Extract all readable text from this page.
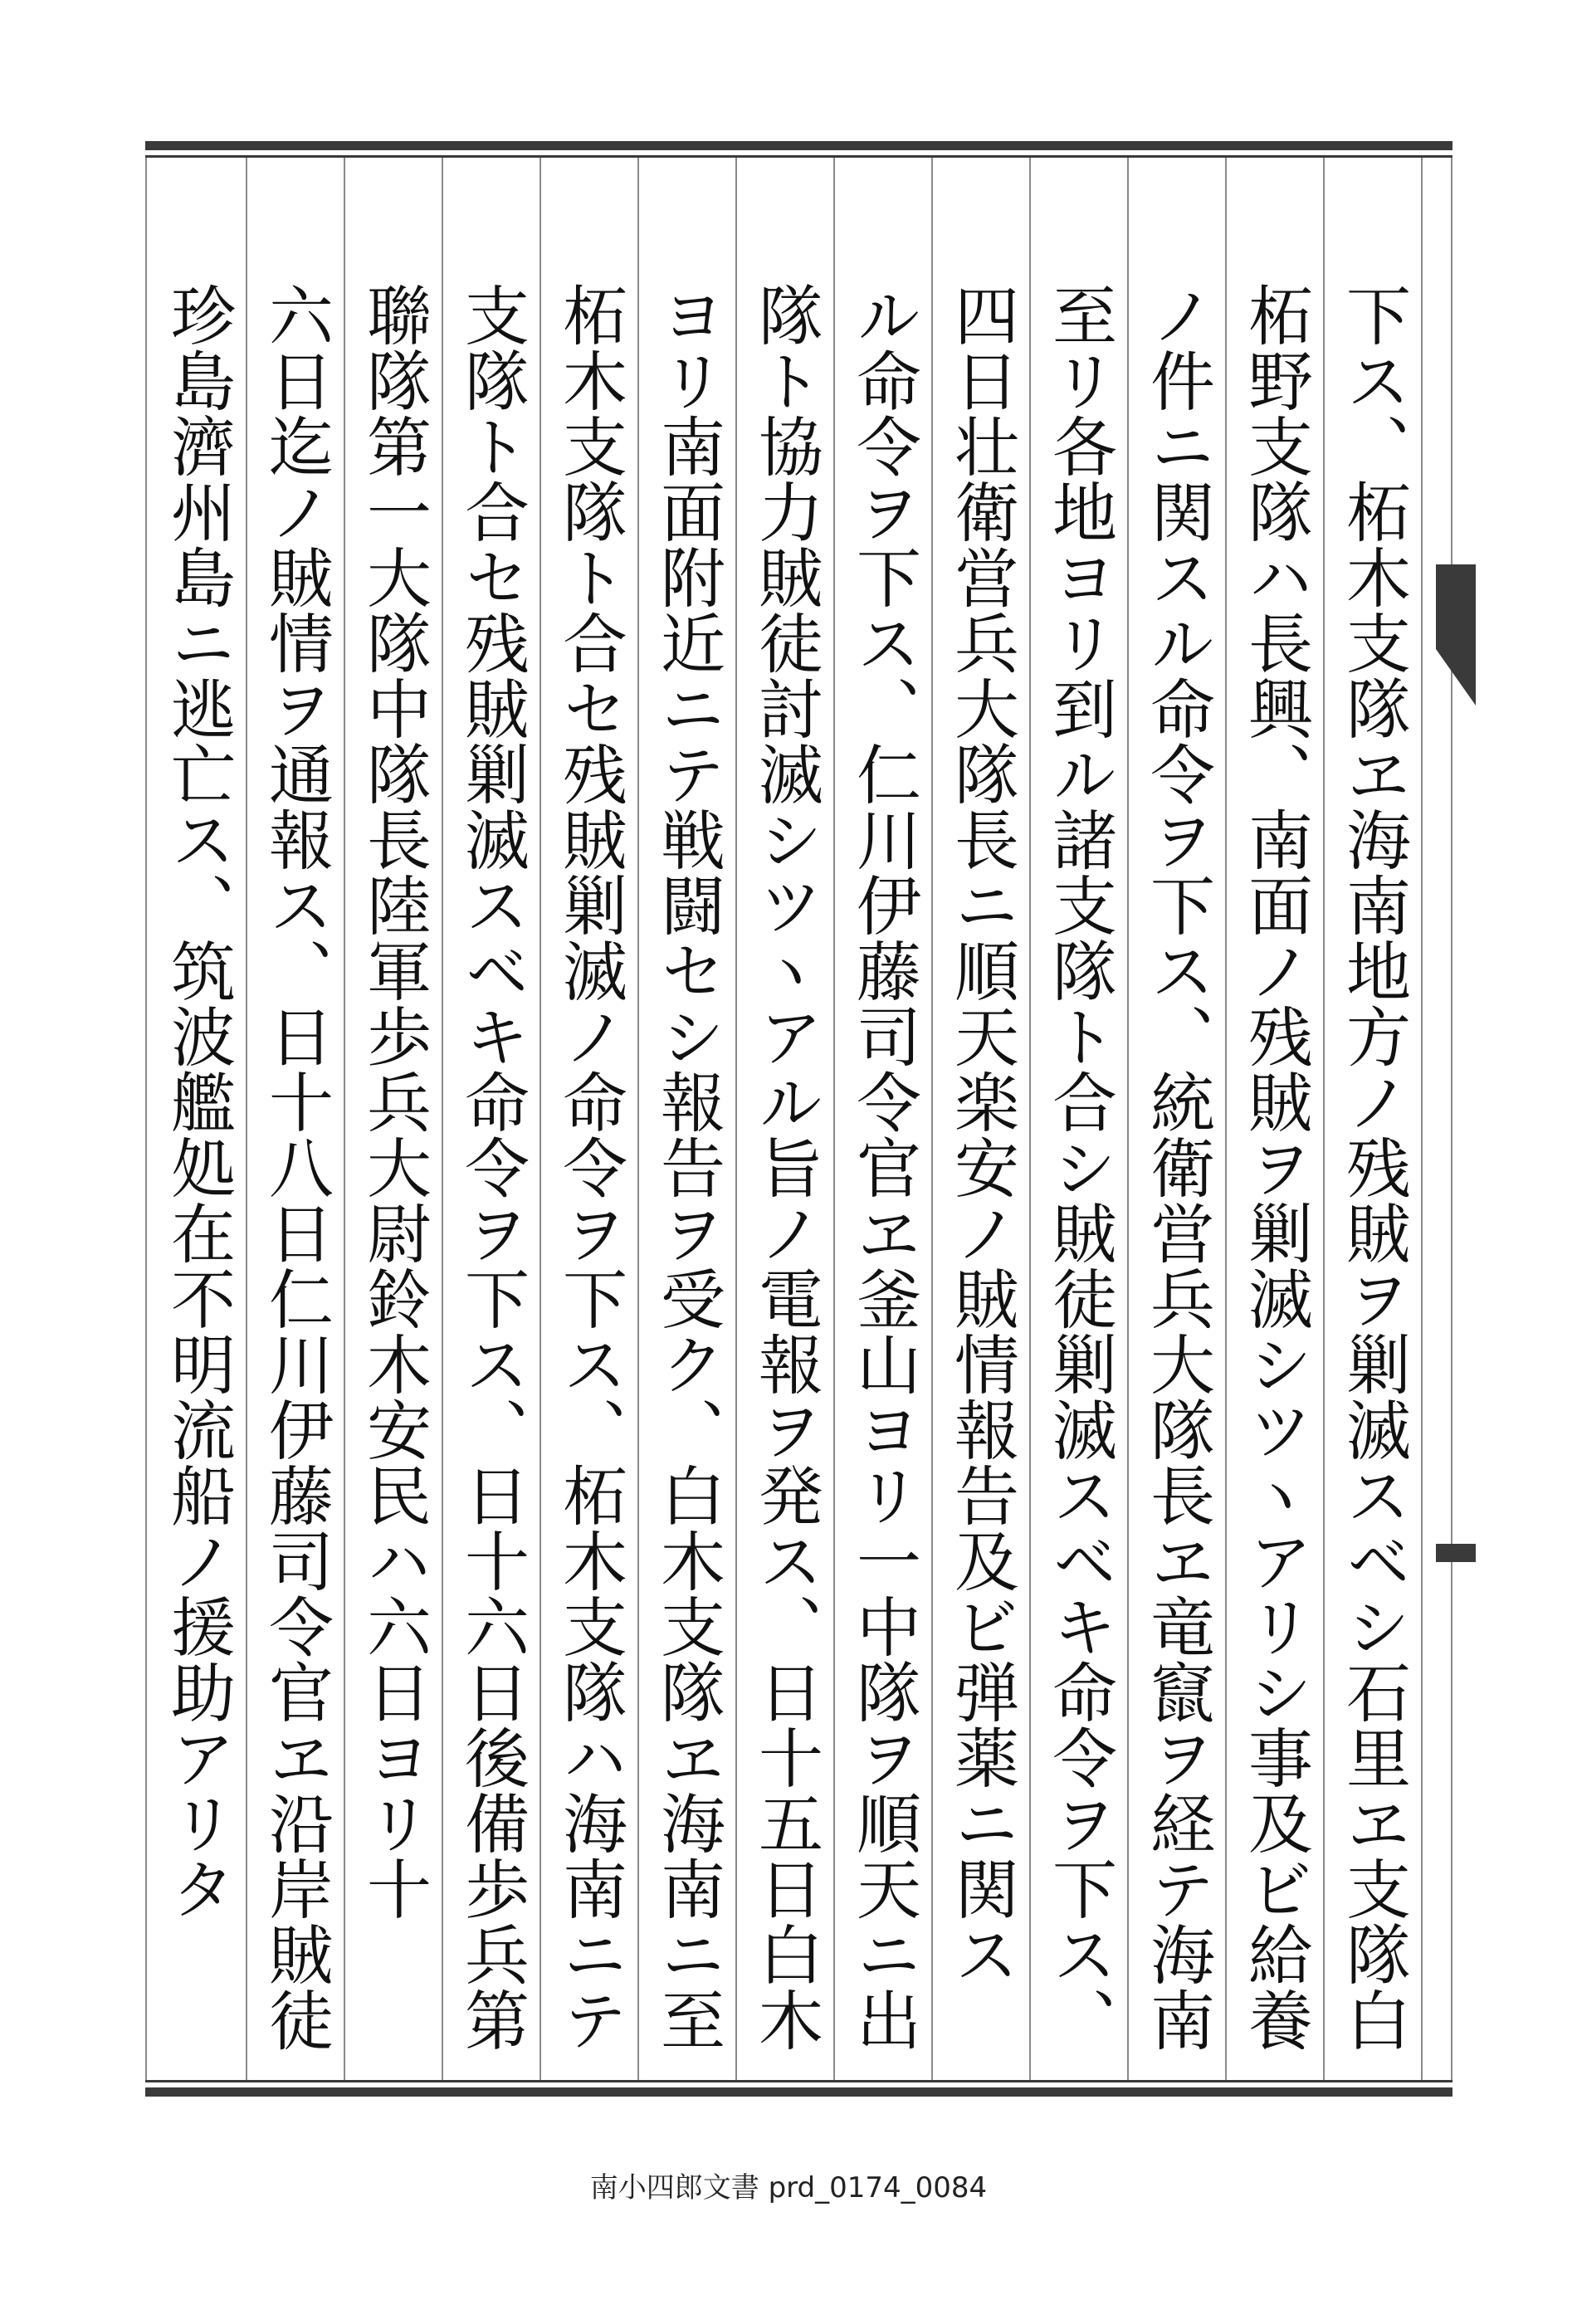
下ス、柘木支隊ヱ海南地方ノ残賊ヲ剿滅スベシ石里ヱ支隊白
柘野支隊ハ長興、南面ノ残賊ヲ剿滅シツヽアリシ事及ビ給養
ノ件ニ関スル命令ヲ下ス、統衛営兵大隊長ヱ竜竄ヲ経テ海南
至リ各地ヨリ到ル諸支隊ト合シ賊徒剿滅スベキ命令ヲ下ス、
四日壮衛営兵大隊長ニ順天楽安ノ賊情報告及ビ弾薬ニ関ス
ル命令ヲ下ス、仁川伊藤司令官ヱ釜山ヨリ一中隊ヲ順天ニ出
隊ト協力賊徒討滅シツヽアル旨ノ電報ヲ発ス、日十五日白木
ヨリ南面附近ニテ戦闘セシ報告ヲ受ク、白木支隊ヱ海南ニ至
柘木支隊ト合セ残賊剿滅ノ命令ヲ下ス、柘木支隊ハ海南ニテ
支隊ト合セ残賊剿滅スベキ命令ヲ下ス、日十六日後備歩兵第
聯隊第一大隊中隊長陸軍歩兵大尉鈴木安民ハ六日ヨリ十
六日迄ノ賊情ヲ通報ス、日十八日仁川伊藤司令官ヱ沿岸賊徒
珍島濟州島ニ逃亡ス、筑波艦処在不明流船ノ援助アリタ
南小四郎文書 prd_0174_0084
